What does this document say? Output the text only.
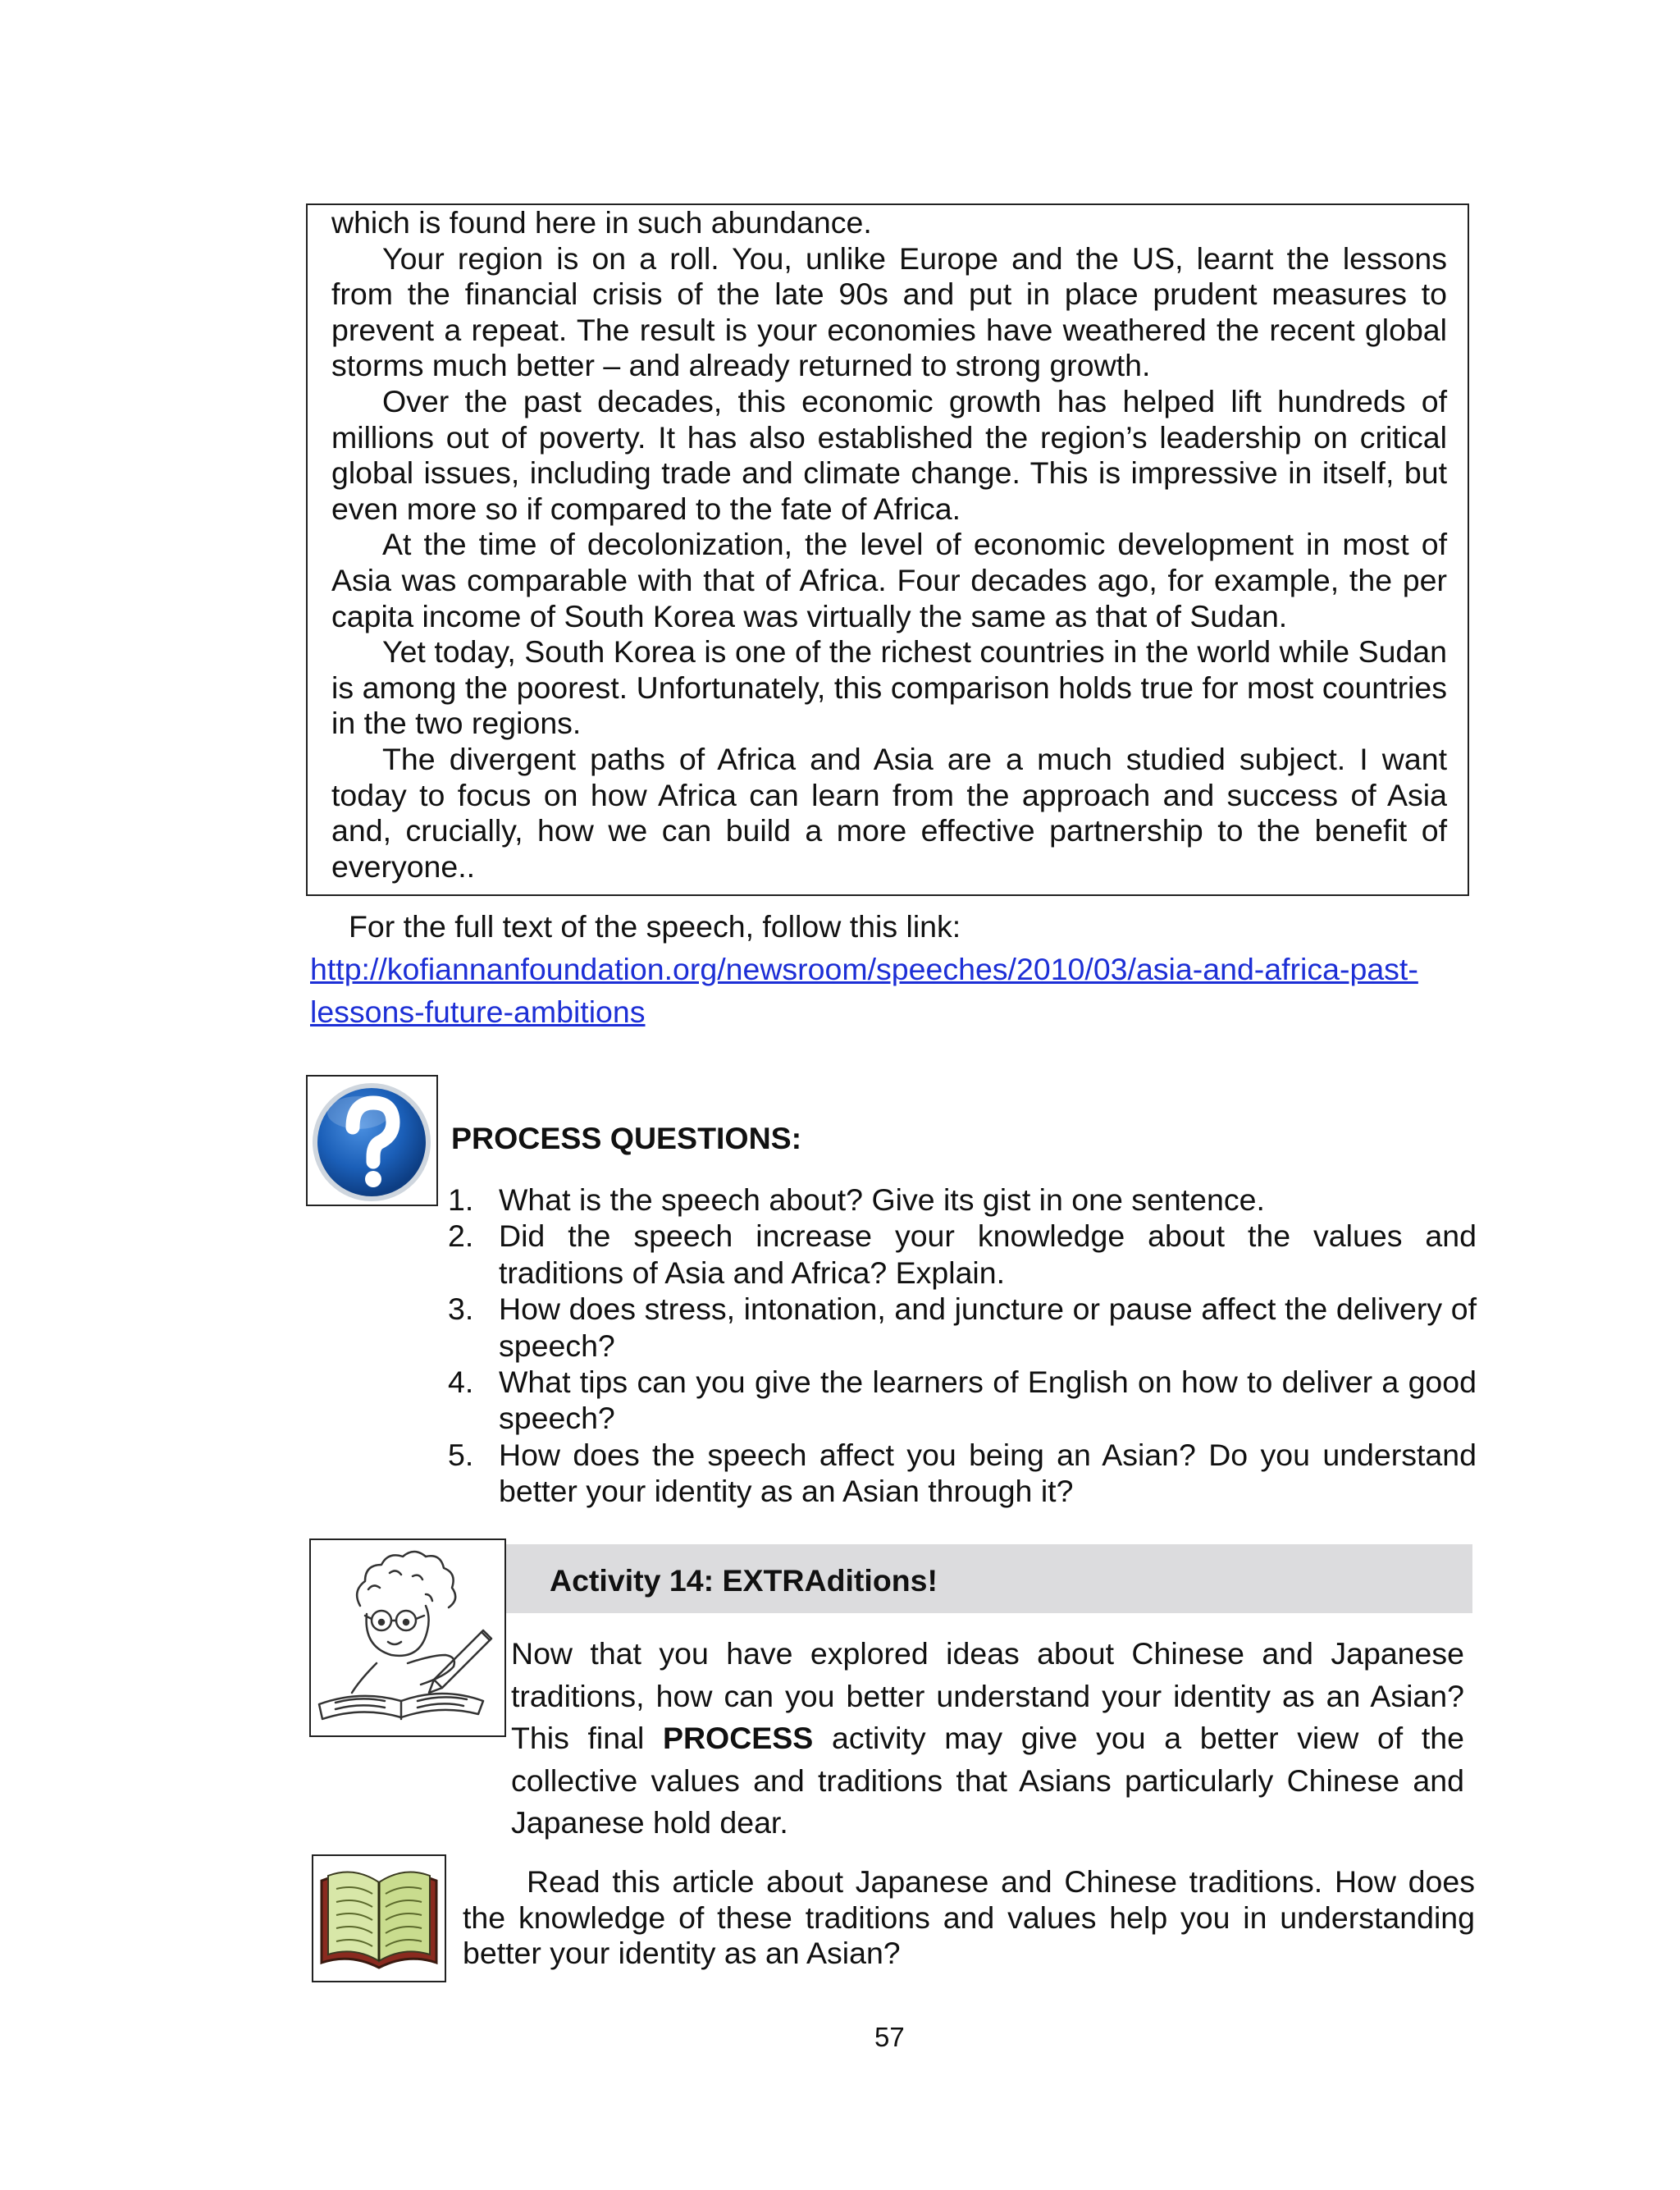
which is found here in such abundance.

Your region is on a roll. You, unlike Europe and the US, learnt the lessons from the financial crisis of the late 90s and put in place prudent measures to prevent a repeat. The result is your economies have weathered the recent global storms much better – and already returned to strong growth.

Over the past decades, this economic growth has helped lift hundreds of millions out of poverty. It has also established the region’s leadership on critical global issues, including trade and climate change. This is impressive in itself, but even more so if compared to the fate of Africa.

At the time of decolonization, the level of economic development in most of Asia was comparable with that of Africa. Four decades ago, for example, the per capita income of South Korea was virtually the same as that of Sudan.

Yet today, South Korea is one of the richest countries in the world while Sudan is among the poorest. Unfortunately, this comparison holds true for most countries in the two regions.

The divergent paths of Africa and Asia are a much studied subject. I want today to focus on how Africa can learn from the approach and success of Asia and, crucially, how we can build a more effective partnership to the benefit of everyone..

For the full text of the speech, follow this link:
http://kofiannanfoundation.org/newsroom/speeches/2010/03/asia-and-africa-past-lessons-future-ambitions
PROCESS QUESTIONS:
1. What is the speech about? Give its gist in one sentence.
2. Did the speech increase your knowledge about the values and traditions of Asia and Africa? Explain.
3. How does stress, intonation, and juncture or pause affect the delivery of speech?
4. What tips can you give the learners of English on how to deliver a good speech?
5. How does the speech affect you being an Asian? Do you understand better your identity as an Asian through it?
Activity 14: EXTRAditions!
Now that you have explored ideas about Chinese and Japanese traditions, how can you better understand your identity as an Asian? This final PROCESS activity may give you a better view of the collective values and traditions that Asians particularly Chinese and Japanese hold dear.

Read this article about Japanese and Chinese traditions. How does the knowledge of these traditions and values help you in understanding better your identity as an Asian?

57
